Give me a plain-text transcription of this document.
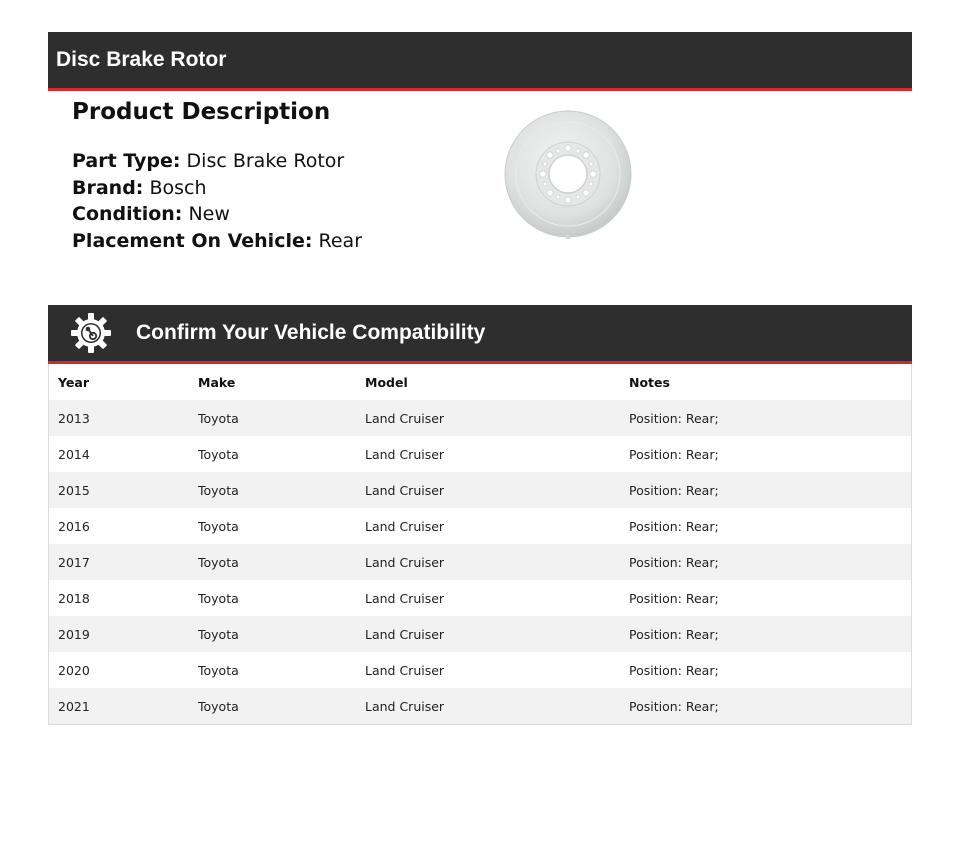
Disc Brake Rotor
Product Description
Part Type: Disc Brake Rotor
Brand: Bosch
Condition: New
Placement On Vehicle: Rear
Confirm Your Vehicle Compatibility
Year	Make	Model	Notes
2013	Toyota	Land Cruiser	Position: Rear;
2014	Toyota	Land Cruiser	Position: Rear;
2015	Toyota	Land Cruiser	Position: Rear;
2016	Toyota	Land Cruiser	Position: Rear;
2017	Toyota	Land Cruiser	Position: Rear;
2018	Toyota	Land Cruiser	Position: Rear;
2019	Toyota	Land Cruiser	Position: Rear;
2020	Toyota	Land Cruiser	Position: Rear;
2021	Toyota	Land Cruiser	Position: Rear;
